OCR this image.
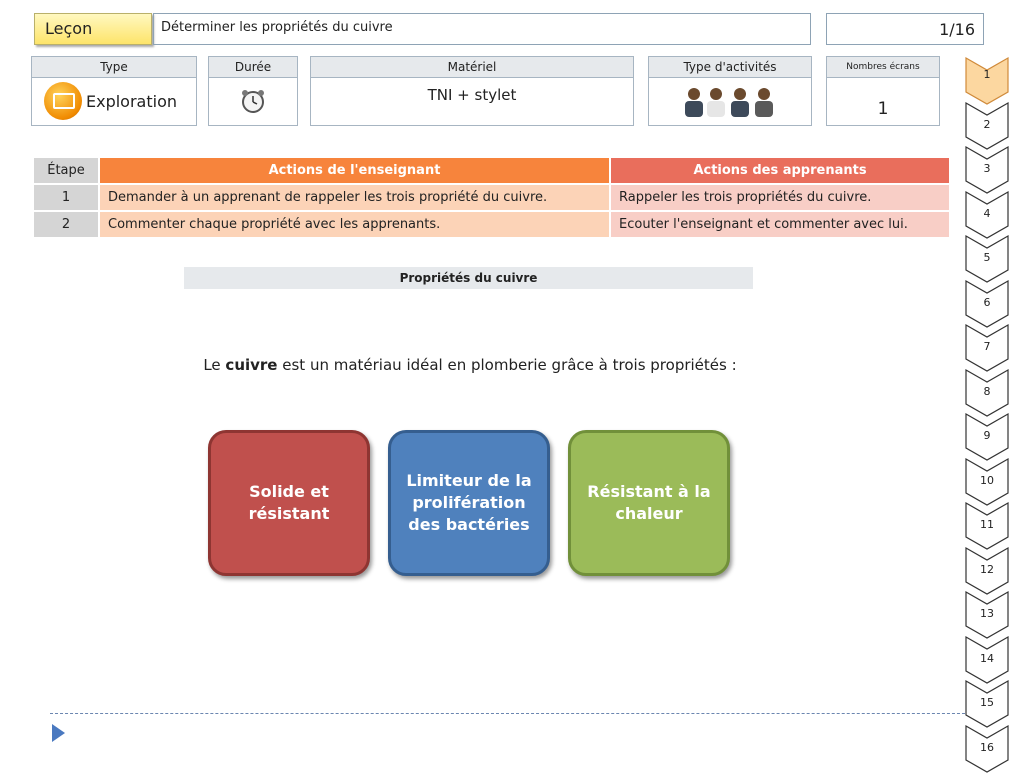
Leçon	Déterminer les propriétés du cuivre	1/16
Type
Exploration
Durée	Matériel
TNI + stylet
Type d'activités	Nombres écrans
1
Étape	Actions de l'enseignant	Actions des apprenants
1	Demander à un apprenant de rappeler les trois propriété du cuivre.	Rappeler les trois propriétés du cuivre.
2	Commenter chaque propriété avec les apprenants.	Ecouter l'enseignant et commenter avec lui.
Propriétés du cuivre
Le cuivre est un matériau idéal en plomberie grâce à trois propriétés :
Solide et résistant
Limiteur de la prolifération des bactéries
Résistant à la chaleur
1
2
3
4
5
6
7
8
9
10
11
12
13
14
15
16
